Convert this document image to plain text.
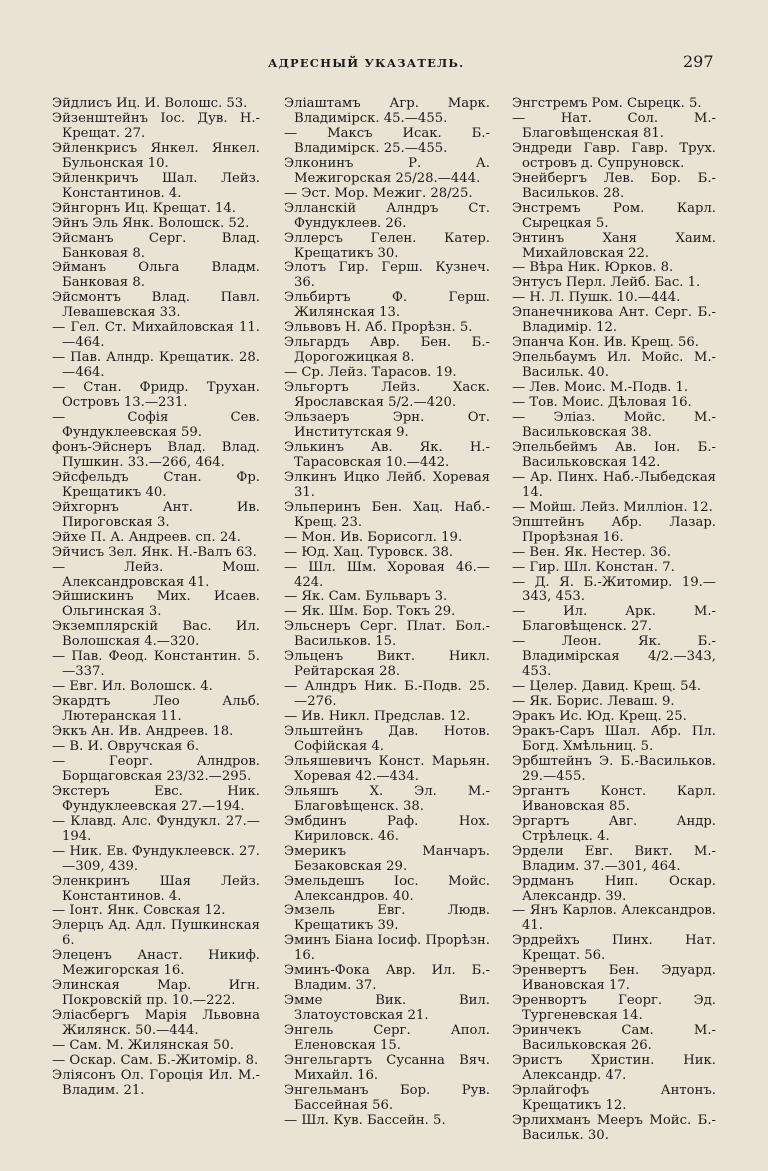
АДРЕСНЫЙ УКАЗАТЕЛЬ.	297

Эйдлисъ Иц. И. Волошс. 53.

Эйзенштейнъ Іос. Дув. Н.-Крещат. 27.

Эйленкрисъ Янкел. Янкел. Бульонская 10.

Эйленкричъ Шал. Лейз. Константинов. 4.

Эйнгорнъ Иц. Крещат. 14.

Эйнъ Эль Янк. Волошск. 52.

Эйсманъ Серг. Влад. Банковая 8.

Эйманъ Ольга Владм. Банковая 8.

Эйсмонтъ Влад. Павл. Левашевская 33.

— Гел. Ст. Михайловская 11.—464.

— Пав. Алндр. Крещатик. 28.—464.

— Стан. Фридр. Трухан. Островъ 13.—231.

— Софія Сев. Фундуклеевская 59.

фонъ-Эйснеръ Влад. Влад. Пушкин. 33.—266, 464.

Эйсфельдъ Стан. Фр. Крещатикъ 40.

Эйхгорнъ Ант. Ив. Пироговская 3.

Эйхе П. А. Андреев. сп. 24.

Эйчисъ Зел. Янк. Н.-Валъ 63.

— Лейз. Мош. Александровская 41.

Эйшискинъ Мих. Исаев. Ольгинская 3.

Экземплярскій Вас. Ил. Волошская 4.—320.

— Пав. Феод. Константин. 5.—337.

— Евг. Ил. Волошск. 4.

Экардтъ Лео Альб. Лютеранская 11.

Эккъ Ан. Ив. Андреев. 18.

— В. И. Овручская 6.

— Георг. Алндров. Борщаговская 23/32.—295.

Экстеръ Евс. Ник. Фундуклеевская 27.—194.

— Клавд. Алс. Фундукл. 27.—194.

— Ник. Ев. Фундуклеевск. 27.—309, 439.

Эленкринъ Шая Лейз. Константинов. 4.

— Іонт. Янк. Совская 12.

Элерцъ Ад. Адл. Пушкинская 6.

Элеценъ Анаст. Никиф. Межигорская 16.

Элинская Мар. Игн. Покровскій пр. 10.—222.

Эліасбергъ Марія Львовна Жилянск. 50.—444.

— Сам. М. Жилянская 50.

— Оскар. Сам. Б.-Житомір. 8.

Эліясонъ Ол. Гороція Ил. М.-Владим. 21.

Эліаштамъ Агр. Марк. Владимірск. 45.—455.

— Максъ Исак. Б.-Владимірск. 25.—455.

Элконинъ Р. А. Межигорская 25/28.—444.

— Эст. Мор. Межиг. 28/25.

Элланскій Алндръ Ст. Фундуклеев. 26.

Эллерсъ Гелен. Катер. Крещатикъ 30.

Элотъ Гир. Герш. Кузнеч. 36.

Эльбиртъ Ф. Герш. Жилянская 13.

Эльвовъ Н. Аб. Прорѣзн. 5.

Эльгардъ Авр. Бен. Б.-Дорогожицкая 8.

— Ср. Лейз. Тарасов. 19.

Эльгортъ Лейз. Хаск. Ярославская 5/2.—420.

Эльзаеръ Эрн. От. Институтская 9.

Элькинъ Ав. Як. Н.-Тарасовская 10.—442.

Элкинъ Ицко Лейб. Хоревая 31.

Эльперинъ Бен. Хац. Наб.-Крещ. 23.

— Мон. Ив. Борисогл. 19.

— Юд. Хац. Туровск. 38.

— Шл. Шм. Хоровая 46.—424.

— Як. Сам. Бульваръ 3.

— Як. Шм. Бор. Токъ 29.

Эльснеръ Серг. Плат. Бол.-Васильков. 15.

Эльценъ Викт. Никл. Рейтарская 28.

— Алндръ Ник. Б.-Подв. 25.—276.

— Ив. Никл. Предслав. 12.

Эльштейнъ Дав. Нотов. Софійская 4.

Эльяшевичъ Конст. Марьян. Хоревая 42.—434.

Эльяшъ Х. Эл. М.-Благовѣщенск. 38.

Эмбдинъ Раф. Нох. Кириловск. 46.

Эмерикъ Манчаръ. Безаковская 29.

Эмельдешъ Іос. Мойс. Александров. 40.

Эмзель Евг. Людв. Крещатикъ 39.

Эминъ Біана Іосиф. Прорѣзн. 16.

Эминъ-Фока Авр. Ил. Б.-Владим. 37.

Эмме Вик. Вил. Златоустовская 21.

Энгель Серг. Апол. Еленовская 15.

Энгельгартъ Сусанна Вяч. Михайл. 16.

Энгельманъ Бор. Рув. Бассейная 56.

— Шл. Кув. Бассейн. 5.

Энгстремъ Ром. Сырецк. 5.

— Нат. Сол. М.-Благовѣщенская 81.

Эндреди Гавр. Гавр. Трух. островъ д. Супруновск.

Энейбергъ Лев. Бор. Б.-Васильков. 28.

Энстремъ Ром. Карл. Сырецкая 5.

Энтинъ Ханя Хаим. Михайловская 22.

— Вѣра Ник. Юрков. 8.

Энтусъ Перл. Лейб. Бас. 1.

— Н. Л. Пушк. 10.—444.

Эпанечникова Ант. Серг. Б.-Владимір. 12.

Эпанча Кон. Ив. Крещ. 56.

Эпельбаумъ Ил. Мойс. М.-Васильк. 40.

— Лев. Моис. М.-Подв. 1.

— Тов. Моис. Дѣловая 16.

— Эліаз. Мойс. М.-Васильковская 38.

Эпельбеймъ Ав. Іон. Б.-Васильковская 142.

— Ар. Пинх. Наб.-Лыбедская 14.

— Мойш. Лейз. Милліон. 12.

Эпштейнъ Абр. Лазар. Прорѣзная 16.

— Вен. Як. Нестер. 36.

— Гир. Шл. Констан. 7.

— Д. Я. Б.-Житомир. 19.—343, 453.

— Ил. Арк. М.-Благовѣщенск. 27.

— Леон. Як. Б.-Владимірская 4/2.—343, 453.

— Целер. Давид. Крещ. 54.

— Як. Борис. Леваш. 9.

Эракъ Ис. Юд. Крещ. 25.

Эракъ-Саръ Шал. Абр. Пл. Богд. Хмѣльниц. 5.

Эрбштейнъ Э. Б.-Васильков. 29.—455.

Эргантъ Конст. Карл. Ивановская 85.

Эргартъ Авг. Андр. Стрѣлецк. 4.

Эрдели Евг. Викт. М.-Владим. 37.—301, 464.

Эрдманъ Нип. Оскар. Александр. 39.

— Янъ Карлов. Александров. 41.

Эрдрейхъ Пинх. Нат. Крещат. 56.

Эренвертъ Бен. Эдуард. Ивановская 17.

Эренвортъ Георг. Эд. Тургеневская 14.

Эринчекъ Сам. М.-Васильковская 26.

Эристъ Христин. Ник. Александр. 47.

Эрлайгофъ Антонъ. Крещатикъ 12.

Эрлихманъ Мееръ Мойс. Б.-Васильк. 30.
